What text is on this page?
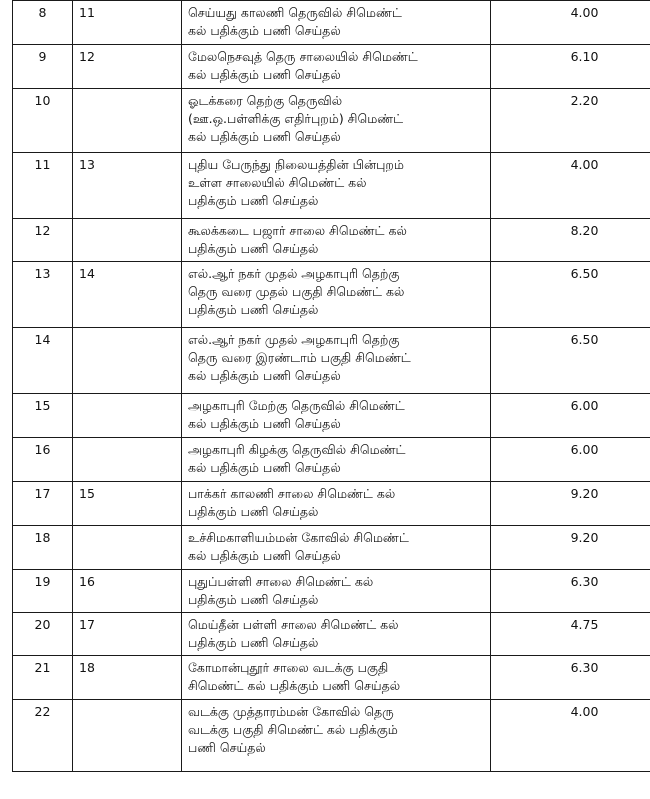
8	11	செய்யது காலணி தெருவில் சிமெண்ட்
கல் பதிக்கும் பணி செய்தல்	4.00
9	12	மேலநெசவுத் தெரு சாலையில் சிமெண்ட்
கல் பதிக்கும் பணி செய்தல்	6.10
10		ஓடக்கரை தெற்கு தெருவில்
(ஊ.ஒ.பள்ளிக்கு எதிர்புறம்) சிமெண்ட்
கல் பதிக்கும் பணி செய்தல்	2.20
11	13	புதிய பேருந்து நிலையத்தின் பின்புறம்
உள்ள சாலையில் சிமெண்ட் கல்
பதிக்கும் பணி செய்தல்	4.00
12		கூலக்கடை பஜார் சாலை சிமெண்ட் கல்
பதிக்கும் பணி செய்தல்	8.20
13	14	எல்.ஆர் நகர் முதல் அழகாபுரி தெற்கு
தெரு வரை முதல் பகுதி சிமெண்ட் கல்
பதிக்கும் பணி செய்தல்	6.50
14		எல்.ஆர் நகர் முதல் அழகாபுரி தெற்கு
தெரு வரை இரண்டாம் பகுதி சிமெண்ட்
கல் பதிக்கும் பணி செய்தல்	6.50
15		அழகாபுரி மேற்கு தெருவில் சிமெண்ட்
கல் பதிக்கும் பணி செய்தல்	6.00
16		அழகாபுரி கிழக்கு தெருவில் சிமெண்ட்
கல் பதிக்கும் பணி செய்தல்	6.00
17	15	பாக்கர் காலணி சாலை சிமெண்ட் கல்
பதிக்கும் பணி செய்தல்	9.20
18		உச்சிமகாளியம்மன் கோவில் சிமெண்ட்
கல் பதிக்கும் பணி செய்தல்	9.20
19	16	புதுப்பள்ளி சாலை சிமெண்ட் கல்
பதிக்கும் பணி செய்தல்	6.30
20	17	மெய்தீன் பள்ளி சாலை சிமெண்ட் கல்
பதிக்கும் பணி செய்தல்	4.75
21	18	கோமான்புதூர் சாலை வடக்கு பகுதி
சிமெண்ட் கல் பதிக்கும் பணி செய்தல்	6.30
22		வடக்கு முத்தாரம்மன் கோவில் தெரு
வடக்கு பகுதி சிமெண்ட் கல் பதிக்கும்
பணி செய்தல்	4.00
